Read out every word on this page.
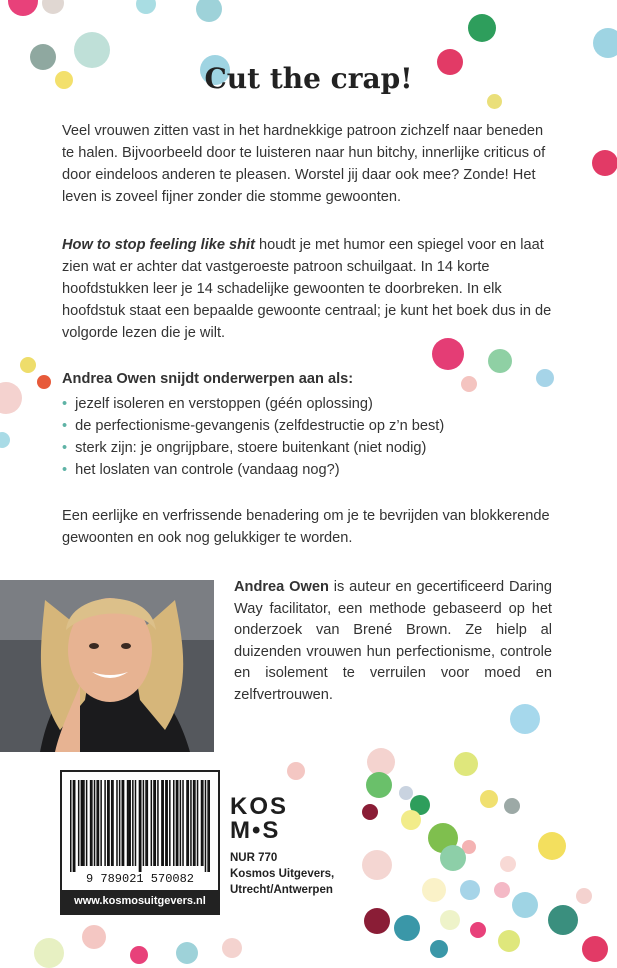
Cut the crap!

Veel vrouwen zitten vast in het hardnekkige patroon zichzelf naar beneden te halen. Bijvoorbeeld door te luisteren naar hun bitchy, innerlijke criticus of door eindeloos anderen te pleasen. Worstel jij daar ook mee? Zonde! Het leven is zoveel fijner zonder die stomme gewoonten.

How to stop feeling like shit houdt je met humor een spiegel voor en laat zien wat er achter dat vastgeroeste patroon schuilgaat. In 14 korte hoofdstukken leer je 14 schadelijke gewoonten te doorbreken. In elk hoofdstuk staat een bepaalde gewoonte centraal; je kunt het boek dus in de volgorde lezen die je wilt.

Andrea Owen snijdt onderwerpen aan als:

• jezelf isoleren en verstoppen (géén oplossing)
• de perfectionisme-gevangenis (zelfdestructie op z’n best)
• sterk zijn: je ongrijpbare, stoere buitenkant (niet nodig)
• het loslaten van controle (vandaag nog?)

Een eerlijke en verfrissende benadering om je te bevrijden van blokkerende gewoonten en ook nog gelukkiger te worden.

Andrea Owen is auteur en gecertificeerd Daring Way facilitator, een methode gebaseerd op het onderzoek van Brené Brown. Ze hielp al duizenden vrouwen hun perfectionisme, controle en isolement te verruilen voor moed en zelfvertrouwen.

9 789021 570082
www.kosmosuitgevers.nl
KOS
M•S
NUR 770
Kosmos Uitgevers,
Utrecht/Antwerpen
